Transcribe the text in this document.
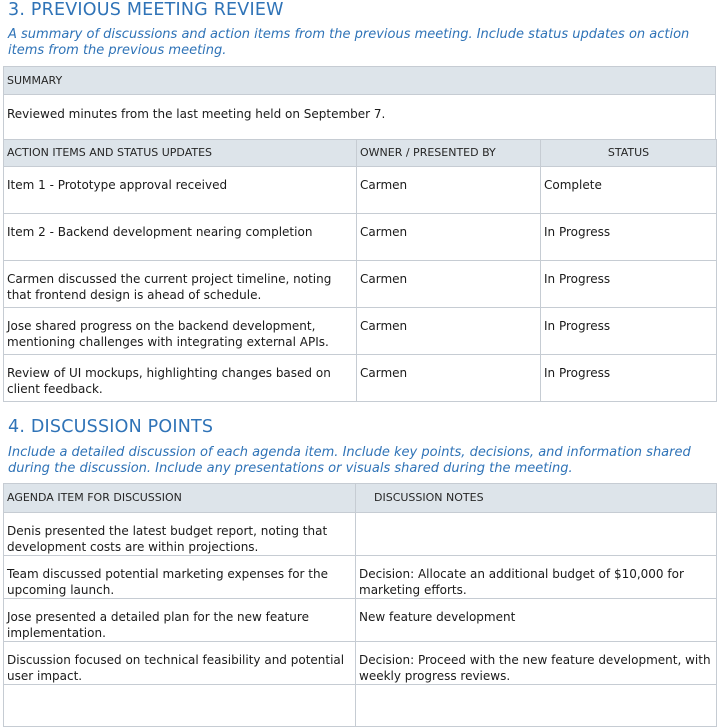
3. PREVIOUS MEETING REVIEW

A summary of discussions and action items from the previous meeting. Include status updates on action items from the previous meeting.

SUMMARY
Reviewed minutes from the last meeting held on September 7.
ACTION ITEMS AND STATUS UPDATES	OWNER / PRESENTED BY	STATUS
Item 1 - Prototype approval received	Carmen	Complete
Item 2 - Backend development nearing completion	Carmen	In Progress
Carmen discussed the current project timeline, noting that frontend design is ahead of schedule.	Carmen	In Progress
Jose shared progress on the backend development, mentioning challenges with integrating external APIs.	Carmen	In Progress
Review of UI mockups, highlighting changes based on client feedback.	Carmen	In Progress
4. DISCUSSION POINTS

Include a detailed discussion of each agenda item. Include key points, decisions, and information shared during the discussion. Include any presentations or visuals shared during the meeting.

AGENDA ITEM FOR DISCUSSION	DISCUSSION NOTES
Denis presented the latest budget report, noting that development costs are within projections.	
Team discussed potential marketing expenses for the upcoming launch.	Decision: Allocate an additional budget of $10,000 for marketing efforts.
Jose presented a detailed plan for the new feature implementation.	New feature development
Discussion focused on technical feasibility and potential user impact.	Decision: Proceed with the new feature development, with weekly progress reviews.
